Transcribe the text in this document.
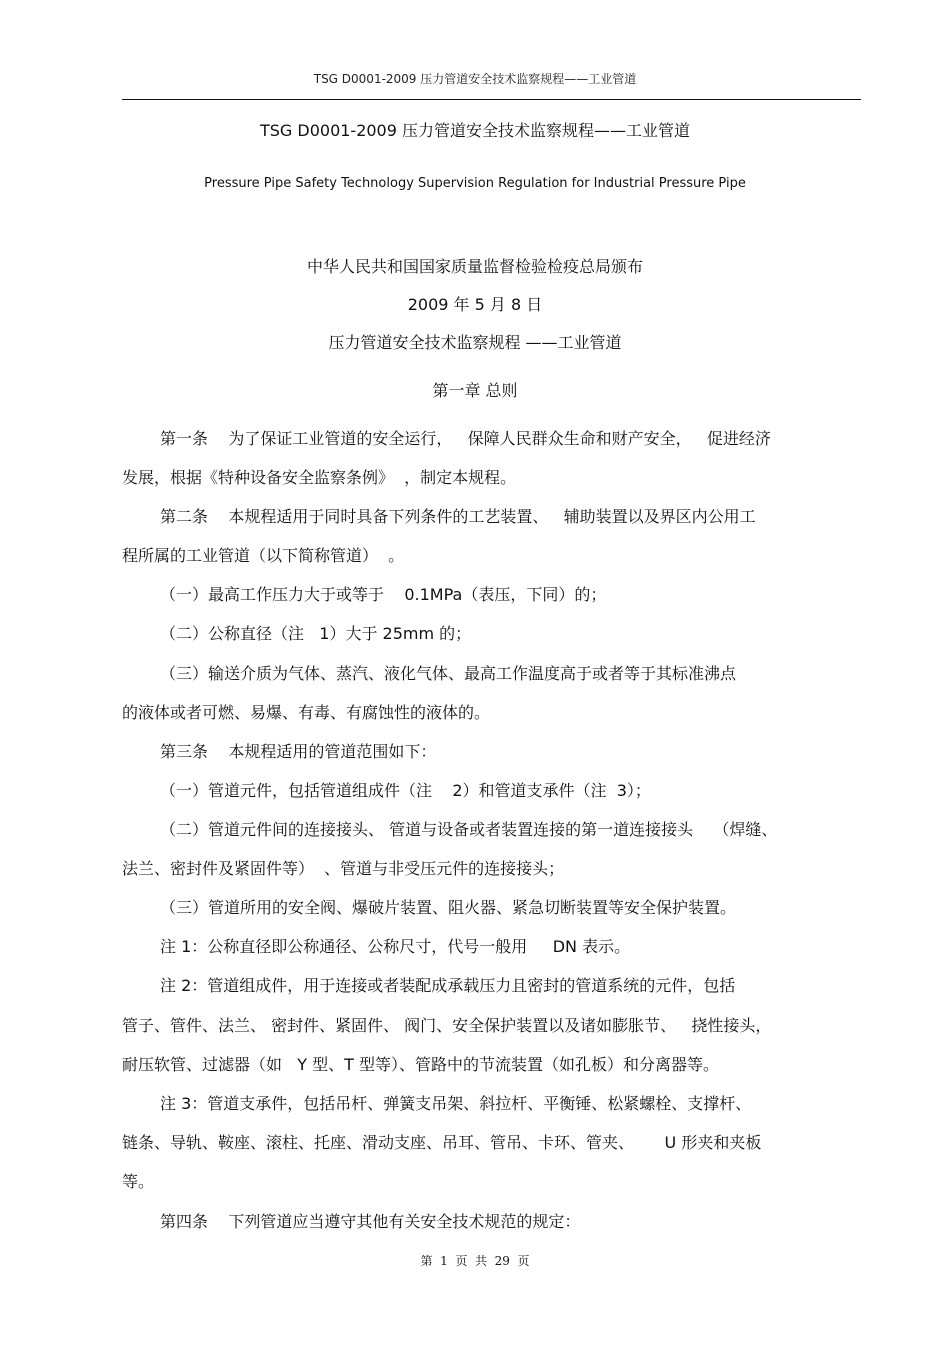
TSG D0001-2009 压力管道安全技术监察规程——工业管道
TSG D0001-2009 压力管道安全技术监察规程——工业管道
Pressure Pipe Safety Technology Supervision Regulation for Industrial Pressure Pipe
中华人民共和国国家质量监督检验检疫总局颁布
2009 年 5 月 8 日
压力管道安全技术监察规程 ——工业管道
第一章 总则
第一条    为了保证工业管道的安全运行，   保障人民群众生命和财产安全，   促进经济
发展，根据《特种设备安全监察条例》  ，制定本规程。
第二条    本规程适用于同时具备下列条件的工艺装置、   辅助装置以及界区内公用工
程所属的工业管道（以下简称管道）  。
（一）最高工作压力大于或等于    0.1MPa（表压，下同）的；
（二）公称直径（注   1）大于 25mm 的；
（三）输送介质为气体、蒸汽、液化气体、最高工作温度高于或者等于其标准沸点
的液体或者可燃、易爆、有毒、有腐蚀性的液体的。
第三条    本规程适用的管道范围如下：
（一）管道元件，包括管道组成件（注    2）和管道支承件（注  3）；
（二）管道元件间的连接接头、 管道与设备或者装置连接的第一道连接接头    （焊缝、
法兰、密封件及紧固件等）  、管道与非受压元件的连接接头；
（三）管道所用的安全阀、爆破片装置、阻火器、紧急切断装置等安全保护装置。
注 1：公称直径即公称通径、公称尺寸，代号一般用     DN 表示。
注 2：管道组成件，用于连接或者装配成承载压力且密封的管道系统的元件，包括
管子、管件、法兰、 密封件、紧固件、 阀门、安全保护装置以及诸如膨胀节、   挠性接头，
耐压软管、过滤器（如   Y 型、T 型等）、管路中的节流装置（如孔板）和分离器等。
注 3：管道支承件，包括吊杆、弹簧支吊架、斜拉杆、平衡锤、松紧螺栓、支撑杆、
链条、导轨、鞍座、滚柱、托座、滑动支座、吊耳、管吊、卡环、管夹、      U 形夹和夹板
等。
第四条    下列管道应当遵守其他有关安全技术规范的规定：
第  1  页  共  29  页
